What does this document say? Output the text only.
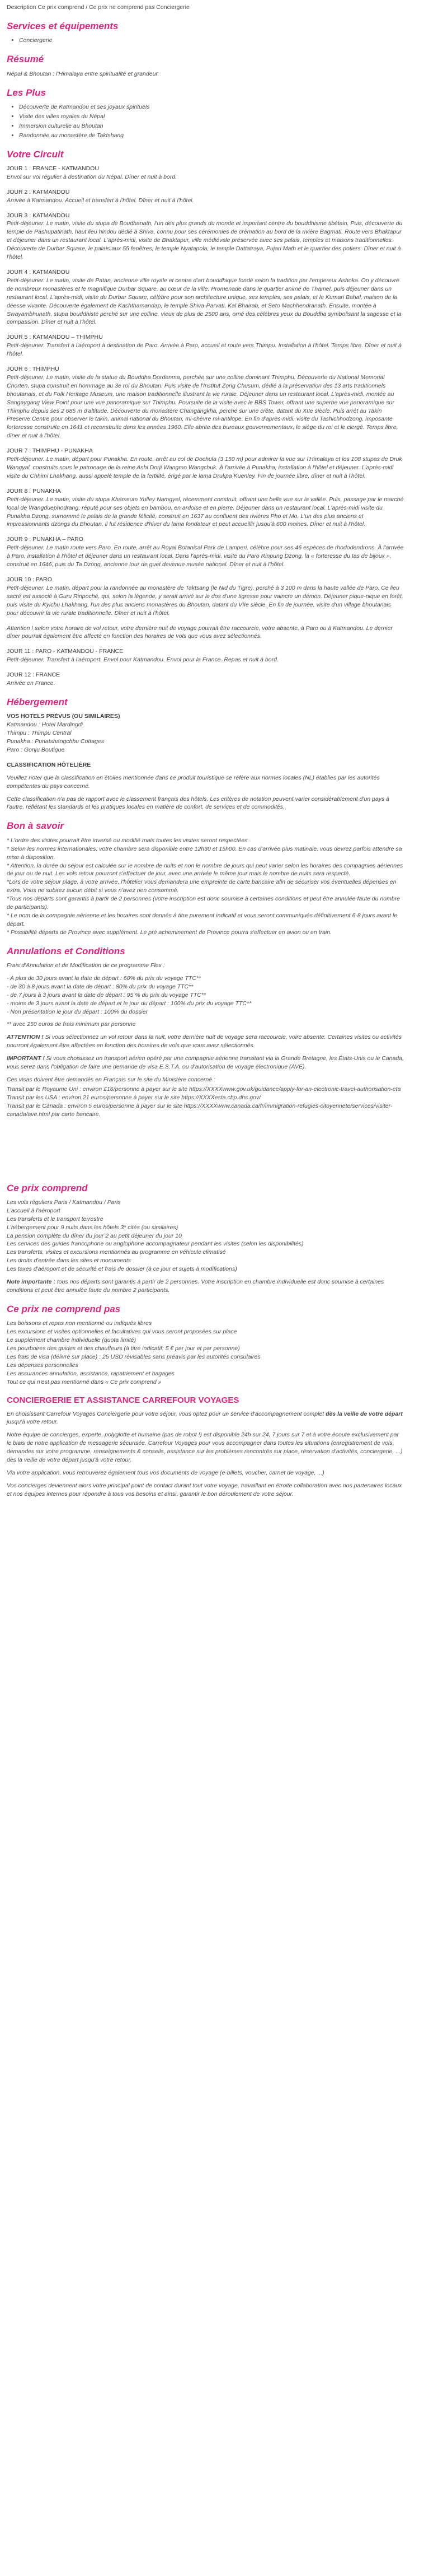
Description Ce prix comprend / Ce prix ne comprend pas Conciergerie

Services et équipements
• Conciergerie
Résumé

Népal & Bhoutan : l'Himalaya entre spiritualité et grandeur.

Les Plus
• Découverte de Katmandou et ses joyaux spirituels
• Visite des villes royales du Népal
• Immersion culturelle au Bhoutan
• Randonnée au monastère de Taktshang
Votre Circuit
JOUR 1 : FRANCE - KATMANDOU
Envol sur vol régulier à destination du Népal. Dîner et nuit à bord.
JOUR 2 : KATMANDOU
Arrivée à Katmandou. Accueil et transfert à l'hôtel. Dîner et nuit à l'hôtel.
JOUR 3 : KATMANDOU
Petit-déjeuner. Le matin, visite du stupa de Boudhanath, l'un des plus grands du monde et important centre du bouddhisme tibétain. Puis, découverte du temple de Pashupatinath, haut lieu hindou dédié à Shiva, connu pour ses cérémonies de crémation au bord de la rivière Bagmati. Route vers Bhaktapur et déjeuner dans un restaurant local. L'après-midi, visite de Bhaktapur, ville médiévale préservée avec ses palais, temples et maisons traditionnelles. Découverte de Durbar Square, le palais aux 55 fenêtres, le temple Nyatapola, le temple Dattatraya, Pujari Math et le quartier des potiers. Dîner et nuit à l'hôtel.
JOUR 4 : KATMANDOU
Petit-déjeuner. Le matin, visite de Patan, ancienne ville royale et centre d'art bouddhique fondé selon la tradition par l'empereur Ashoka. On y découvre de nombreux monastères et le magnifique Durbar Square, au cœur de la ville. Promenade dans le quartier animé de Thamel, puis déjeuner dans un restaurant local. L'après-midi, visite du Durbar Square, célèbre pour son architecture unique, ses temples, ses palais, et le Kumari Bahal, maison de la déesse vivante. Découverte également de Kashthamandap, le temple Shiva-Parvati, Kal Bhairab, et Seto Machhendranath. Ensuite, montée à Swayambhunath, stupa bouddhiste perché sur une colline, vieux de plus de 2500 ans, orné des célèbres yeux du Bouddha symbolisant la sagesse et la compassion. Dîner et nuit à l'hôtel.
JOUR 5 : KATMANDOU – THIMPHU
Petit-déjeuner. Transfert à l'aéroport à destination de Paro. Arrivée à Paro, accueil et route vers Thimpu. Installation à l'hôtel. Temps libre. Dîner et nuit à l'hôtel.
JOUR 6 : THIMPHU
Petit-déjeuner. Le matin, visite de la statue du Bouddha Dordenma, perchée sur une colline dominant Thimphu. Découverte du National Memorial Chorten, stupa construit en hommage au 3e roi du Bhoutan. Puis visite de l'Institut Zorig Chusum, dédié à la préservation des 13 arts traditionnels bhoutanais, et du Folk Heritage Museum, une maison traditionnelle illustrant la vie rurale. Déjeuner dans un restaurant local. L'après-midi, montée au Sangaygang View Point pour une vue panoramique sur Thimphu. Poursuite de la visite avec le BBS Tower, offrant une superbe vue panoramique sur Thimphu depuis ses 2 685 m d'altitude. Découverte du monastère Changangkha, perché sur une crête, datant du XIIe siècle. Puis arrêt au Takin Preserve Centre pour observer le takin, animal national du Bhoutan, mi-chèvre mi-antilope. En fin d'après-midi, visite du Tashichhodzong, imposante forteresse construite en 1641 et reconstruite dans les années 1960. Elle abrite des bureaux gouvernementaux, le siège du roi et le clergé. Temps libre, dîner et nuit à l'hôtel.
JOUR 7 : THIMPHU - PUNAKHA
Petit-déjeuner. Le matin, départ pour Punakha. En route, arrêt au col de Dochula (3 150 m) pour admirer la vue sur l'Himalaya et les 108 stupas de Druk Wangyal, construits sous le patronage de la reine Ashi Dorji Wangmo Wangchuk. À l'arrivée à Punakha, installation à l'hôtel et déjeuner. L'après-midi visite du Chhimi Lhakhang, aussi appelé temple de la fertilité, érigé par le lama Drukpa Kuenley. Fin de journée libre, dîner et nuit à l'hôtel.
JOUR 8 : PUNAKHA
Petit-déjeuner. Le matin, visite du stupa Khamsum Yulley Namgyel, récemment construit, offrant une belle vue sur la vallée. Puis, passage par le marché local de Wangduephodrang, réputé pour ses objets en bambou, en ardoise et en pierre. Déjeuner dans un restaurant local. L'après-midi visite du Punakha Dzong, surnommé le palais de la grande félicité, construit en 1637 au confluent des rivières Pho et Mo. L'un des plus anciens et impressionnants dzongs du Bhoutan, il fut résidence d'hiver du lama fondateur et peut accueillir jusqu'à 600 moines. Dîner et nuit à l'hôtel.
JOUR 9 : PUNAKHA – PARO
Petit-déjeuner. Le matin route vers Paro. En route, arrêt au Royal Botanical Park de Lamperi, célèbre pour ses 46 espèces de rhododendrons. À l'arrivée à Paro, installation à l'hôtel et déjeuner dans un restaurant local. Dans l'après-midi, visite du Paro Rinpung Dzong, la « forteresse du tas de bijoux », construit en 1646, puis du Ta Dzong, ancienne tour de guet devenue musée national. Dîner et nuit à l'hôtel.
JOUR 10 : PARO
Petit-déjeuner. Le matin, départ pour la randonnée au monastère de Taktsang (le Nid du Tigre), perché à 3 100 m dans la haute vallée de Paro. Ce lieu sacré est associé à Guru Rinpoché, qui, selon la légende, y serait arrivé sur le dos d'une tigresse pour vaincre un démon. Déjeuner pique-nique en forêt, puis visite du Kyichu Lhakhang, l'un des plus anciens monastères du Bhoutan, datant du VIIe siècle. En fin de journée, visite d'un village bhoutanais pour découvrir la vie rurale traditionnelle. Dîner et nuit à l'hôtel.
Attention ! selon votre horaire de vol retour, votre dernière nuit de voyage pourrait être raccourcie, votre absente, à Paro ou à Katmandou. Le dernier dîner pourrait également être affecté en fonction des horaires de vols que vous avez sélectionnés.
JOUR 11 : PARO - KATMANDOU - FRANCE
Petit-déjeuner. Transfert à l'aéroport. Envol pour Katmandou. Envol pour la France. Repas et nuit à bord.
JOUR 12 : FRANCE
Arrivée en France.
Hébergement
VOS HOTELS PRÉVUS (OU SIMILAIRES)
Katmandou : Hotel Mardingdi
Thimpu : Thimpu Central
Punakha : Punatshangchhu Cottages
Paro : Gonju Boutique
CLASSIFICATION HÔTELIÈRE

Veuillez noter que la classification en étoiles mentionnée dans ce produit touristique se réfère aux normes locales (NL) établies par les autorités compétentes du pays concerné.

Cette classification n'a pas de rapport avec le classement français des hôtels. Les critères de notation peuvent varier considérablement d'un pays à l'autre, reflétant les standards et les pratiques locales en matière de confort, de services et de commodités.

Bon à savoir
* L'ordre des visites pourrait être inversé ou modifié mais toutes les visites seront respectées.
* Selon les normes internationales, votre chambre sera disponible entre 12h30 et 15h00. En cas d'arrivée plus matinale, vous devrez parfois attendre sa mise à disposition.
* Attention, la durée du séjour est calculée sur le nombre de nuits et non le nombre de jours qui peut varier selon les horaires des compagnies aériennes de jour ou de nuit. Les vols retour pourront s'effectuer de jour, avec une arrivée le même jour mais le nombre de nuits sera respecté.
*Lors de votre séjour plage, à votre arrivée, l'hôtelier vous demandera une empreinte de carte bancaire afin de sécuriser vos éventuelles dépenses en extra. Vous ne subirez aucun débit si vous n'avez rien consommé.
*Tous nos départs sont garantis à partir de 2 personnes (votre inscription est donc soumise à certaines conditions et peut être annulée faute du nombre de participants).
* Le nom de la compagnie aérienne et les horaires sont donnés à titre purement indicatif et vous seront communiqués définitivement 6-8 jours avant le départ.
* Possibilité départs de Province avec supplément. Le pré acheminement de Province pourra s'effectuer en avion ou en train.
Annulations et Conditions

Frais d'Annulation et de Modification de ce programme Flex :

- A plus de 30 jours avant la date de départ : 60% du prix du voyage TTC**
- de 30 à 8 jours avant la date de départ : 80% du prix du voyage TTC**
- de 7 jours à 3 jours avant la date de départ : 95 % du prix du voyage TTC**
- moins de 3 jours avant la date de départ et le jour du départ : 100% du prix du voyage TTC**
- Non présentation le jour du départ : 100% du dossier

** avec 250 euros de frais minimum par personne

ATTENTION ! Si vous sélectionnez un vol retour dans la nuit, votre dernière nuit de voyage sera raccourcie, voire absente. Certaines visites ou activités pourront également être affectées en fonction des horaires de vols que vous avez sélectionnés.

IMPORTANT ! Si vous choisissez un transport aérien opéré par une compagnie aérienne transitant via la Grande Bretagne, les États-Unis ou le Canada, vous serez dans l'obligation de faire une demande de visa E.S.T.A. ou d'autorisation de voyage électronique (AVE).

Ces visas doivent être demandés en Français sur le site du Ministère concerné :

Transit par le Royaume Uni : environ £16/personne à payer sur le site https://XXXXwww.gov.uk/guidance/apply-for-an-electronic-travel-authorisation-eta
Transit par les USA : environ 21 euros/personne à payer sur le site https://XXXXesta.cbp.dhs.gov/
Transit par le Canada : environ 5 euros/personne à payer sur le site https://XXXXwww.canada.ca/fr/immigration-refugies-citoyennete/services/visiter-canada/ave.html par carte bancaire.
Ce prix comprend
Les vols réguliers Paris / Katmandou / Paris
L'accueil à l'aéroport
Les transferts et le transport terrestre
L'hébergement pour 9 nuits dans les hôtels 3* cités (ou similaires)
La pension complète du dîner du jour 2 au petit déjeuner du jour 10
Les services des guides francophone ou anglophone accompagnateur pendant les visites (selon les disponibilités)
Les transferts, visites et excursions mentionnés au programme en véhicule climatisé
Les droits d'entrée dans les sites et monuments
Les taxes d'aéroport et de sécurité et frais de dossier (à ce jour et sujets à modifications)

Note importante : tous nos départs sont garantis à partir de 2 personnes. Votre inscription en chambre individuelle est donc soumise à certaines conditions et peut être annulée faute du nombre 2 participants.

Ce prix ne comprend pas
Les boissons et repas non mentionné ou indiqués libres
Les excursions et visites optionnelles et facultatives qui vous seront proposées sur place
Le supplément chambre individuelle (quota limité)
Les pourboires des guides et des chauffeurs (à titre indicatif: 5 € par jour et par personne)
Les frais de visa (délivré sur place) : 25 USD révisables sans préavis par les autorités consulaires
Les dépenses personnelles
Les assurances annulation, assistance, rapatriement et bagages
Tout ce qui n'est pas mentionné dans « Ce prix comprend »
CONCIERGERIE ET ASSISTANCE CARREFOUR VOYAGES

En choisissant Carrefour Voyages Conciergerie pour votre séjour, vous optez pour un service d'accompagnement complet dès la veille de votre départ jusqu'à votre retour.

Notre équipe de concierges, experte, polyglotte et humaine (pas de robot !) est disponible 24h sur 24, 7 jours sur 7 et à votre écoute exclusivement par le biais de notre application de messagerie sécurisée. Carrefour Voyages pour vous accompagner dans toutes les situations (enregistrement de vols, demandes sur votre programme, renseignements & conseils, assistance sur les problèmes rencontrés sur place, réservation d'activités, conciergerie, ...) dès la veille de votre départ jusqu'à votre retour.

Via votre application, vous retrouverez également tous vos documents de voyage (e-billets, voucher, carnet de voyage, ...)

Vos concierges deviennent alors votre principal point de contact durant tout votre voyage, travaillant en étroite collaboration avec nos partenaires locaux et nos équipes internes pour répondre à tous vos besoins et ainsi, garantir le bon déroulement de votre séjour.
